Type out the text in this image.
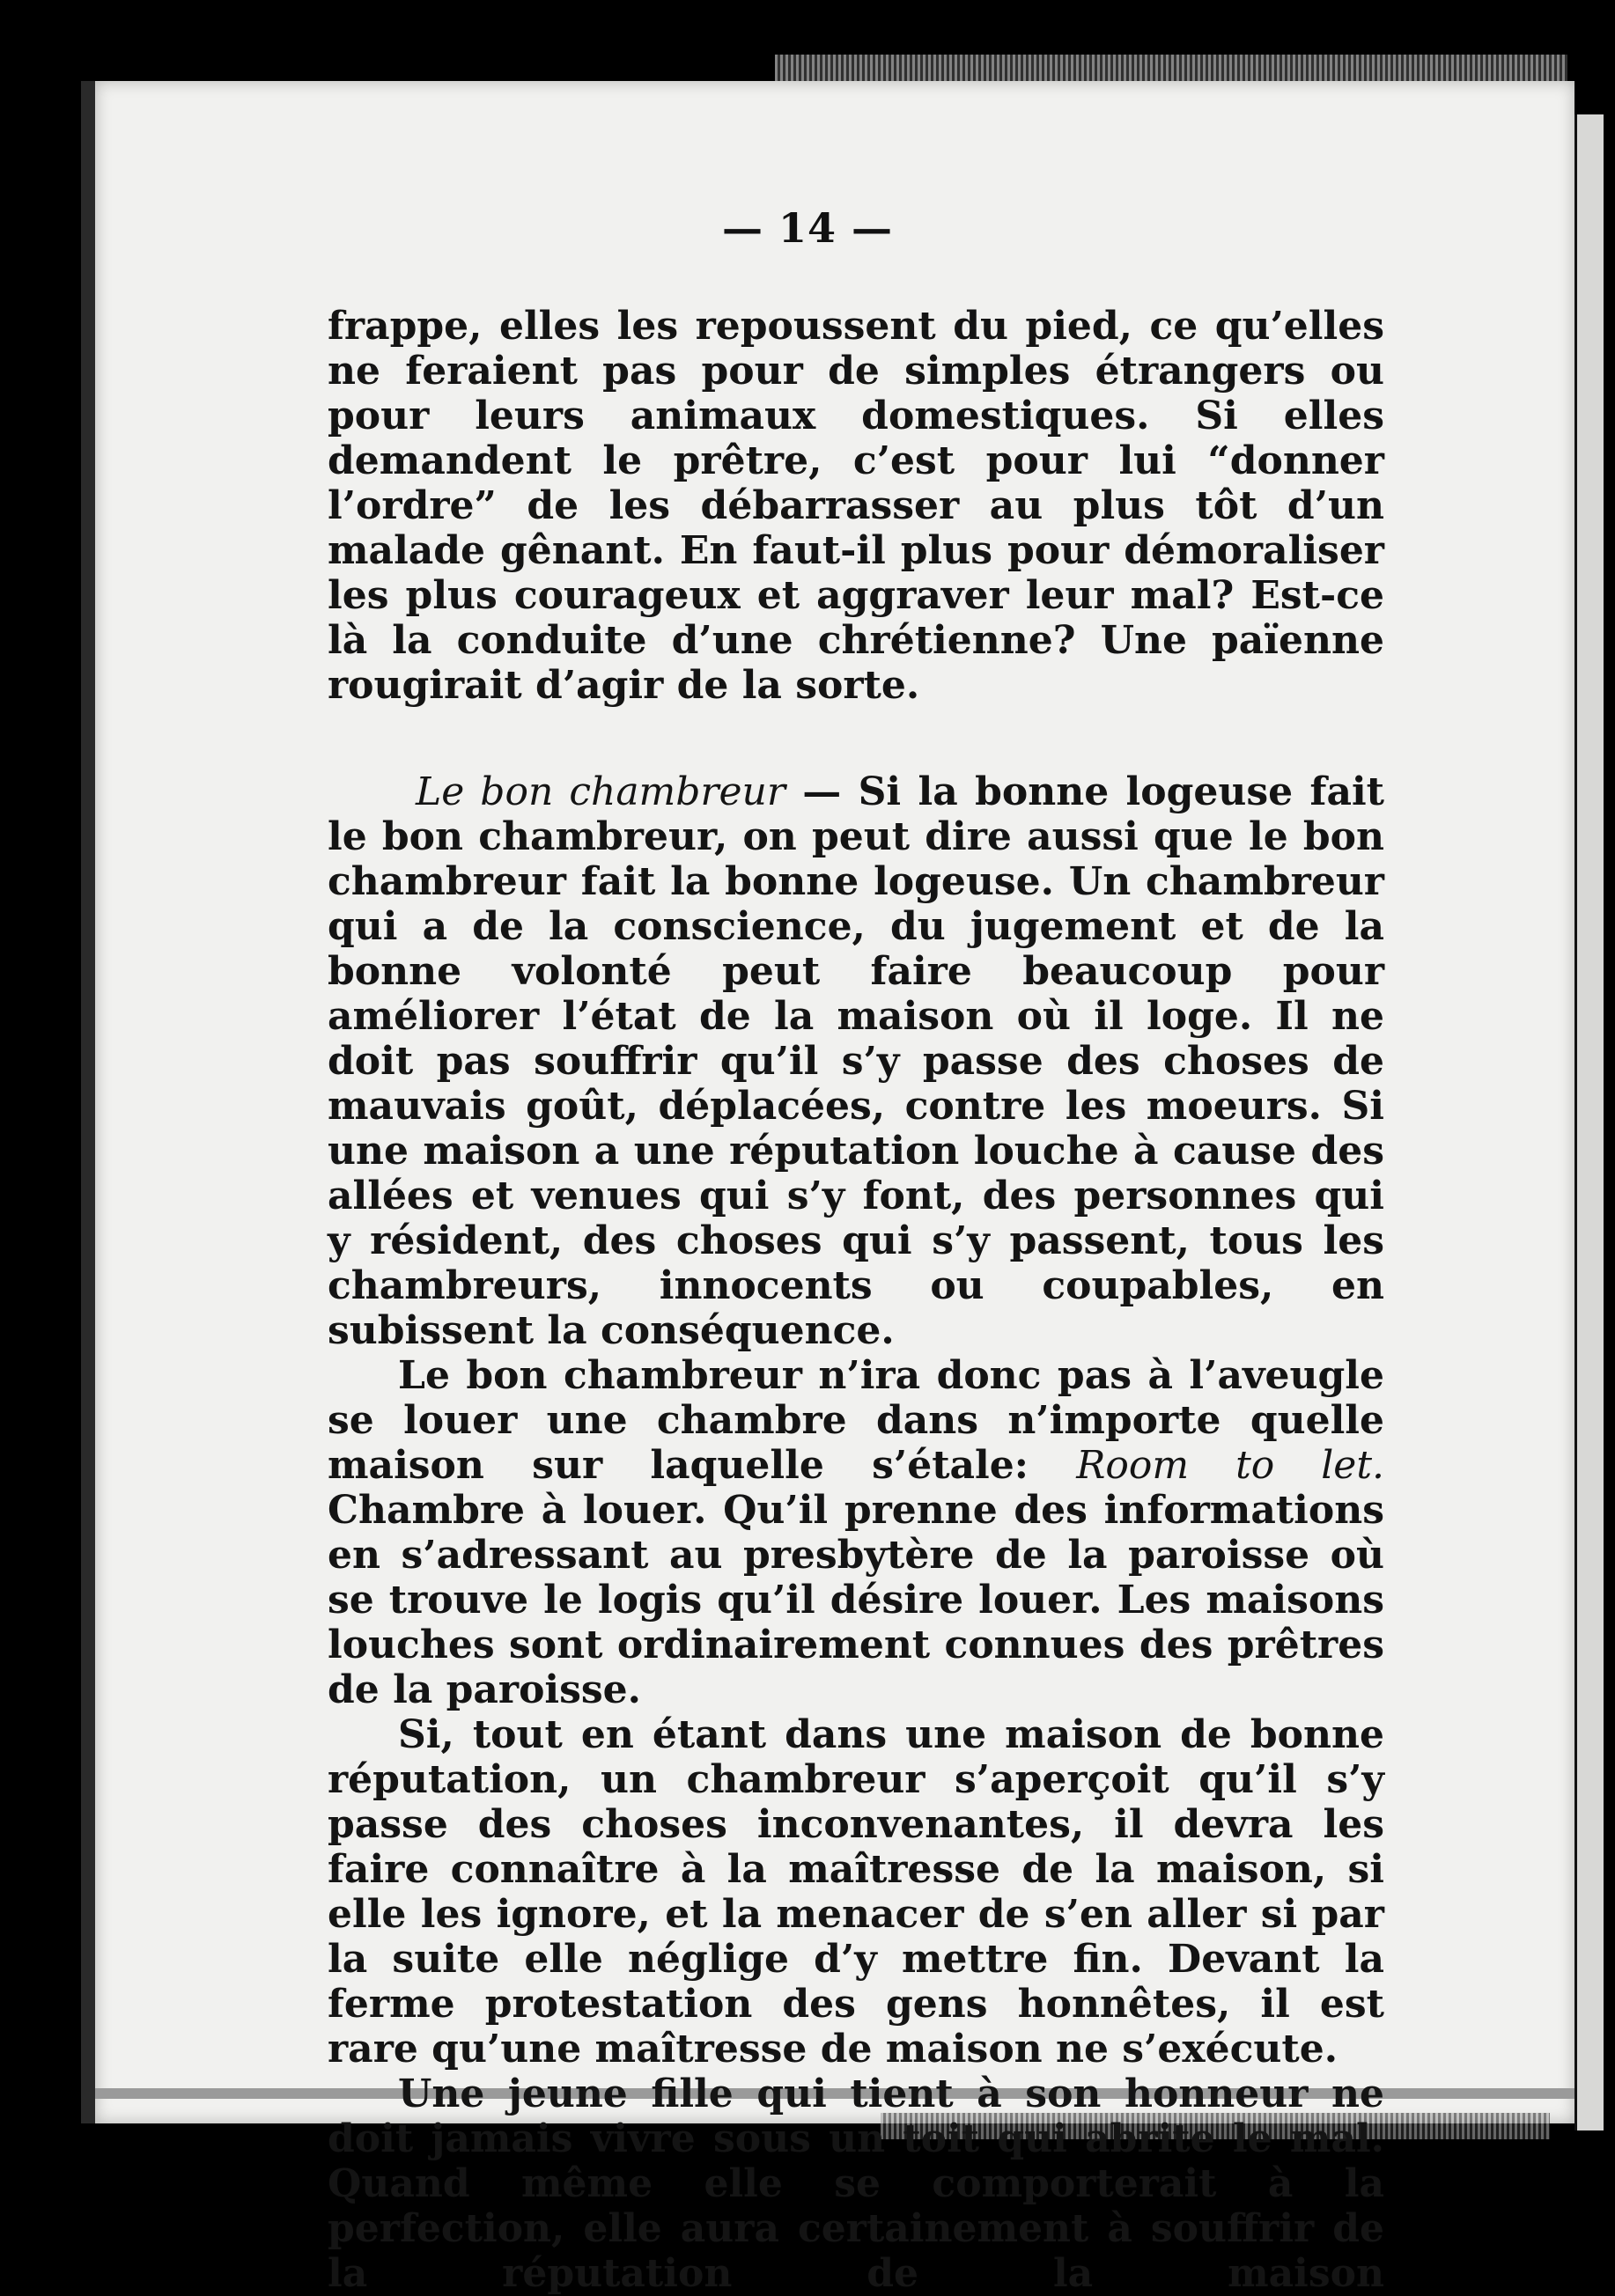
— 14 —

frappe, elles les repoussent du pied, ce qu’elles ne feraient pas pour de simples étrangers ou pour leurs animaux domestiques. Si elles demandent le prêtre, c’est pour lui “donner l’ordre” de les débarrasser au plus tôt d’un malade gênant. En faut-il plus pour démoraliser les plus courageux et aggraver leur mal? Est-ce là la conduite d’une chrétienne? Une païenne rougirait d’agir de la sorte.

Le bon chambreur — Si la bonne logeuse fait le bon chambreur, on peut dire aussi que le bon chambreur fait la bonne logeuse. Un chambreur qui a de la conscience, du jugement et de la bonne volonté peut faire beaucoup pour améliorer l’état de la maison où il loge. Il ne doit pas souffrir qu’il s’y passe des choses de mauvais goût, déplacées, contre les moeurs. Si une maison a une réputation louche à cause des allées et venues qui s’y font, des personnes qui y résident, des choses qui s’y passent, tous les chambreurs, innocents ou coupables, en subissent la conséquence.

Le bon chambreur n’ira donc pas à l’aveugle se louer une chambre dans n’importe quelle maison sur laquelle s’étale: Room to let. Chambre à louer. Qu’il prenne des informations en s’adressant au presbytère de la paroisse où se trouve le logis qu’il désire louer. Les maisons louches sont ordinairement connues des prêtres de la paroisse.

Si, tout en étant dans une maison de bonne réputation, un chambreur s’aperçoit qu’il s’y passe des choses inconvenantes, il devra les faire connaître à la maîtresse de la maison, si elle les ignore, et la menacer de s’en aller si par la suite elle néglige d’y mettre fin. Devant la ferme protestation des gens honnêtes, il est rare qu’une maîtresse de maison ne s’exécute.

Une jeune fille qui tient à son honneur ne doit jamais vivre sous un toit qui abrite le mal. Quand même elle se comporterait à la perfection, elle aura certainement à souffrir de la réputation de la maison
